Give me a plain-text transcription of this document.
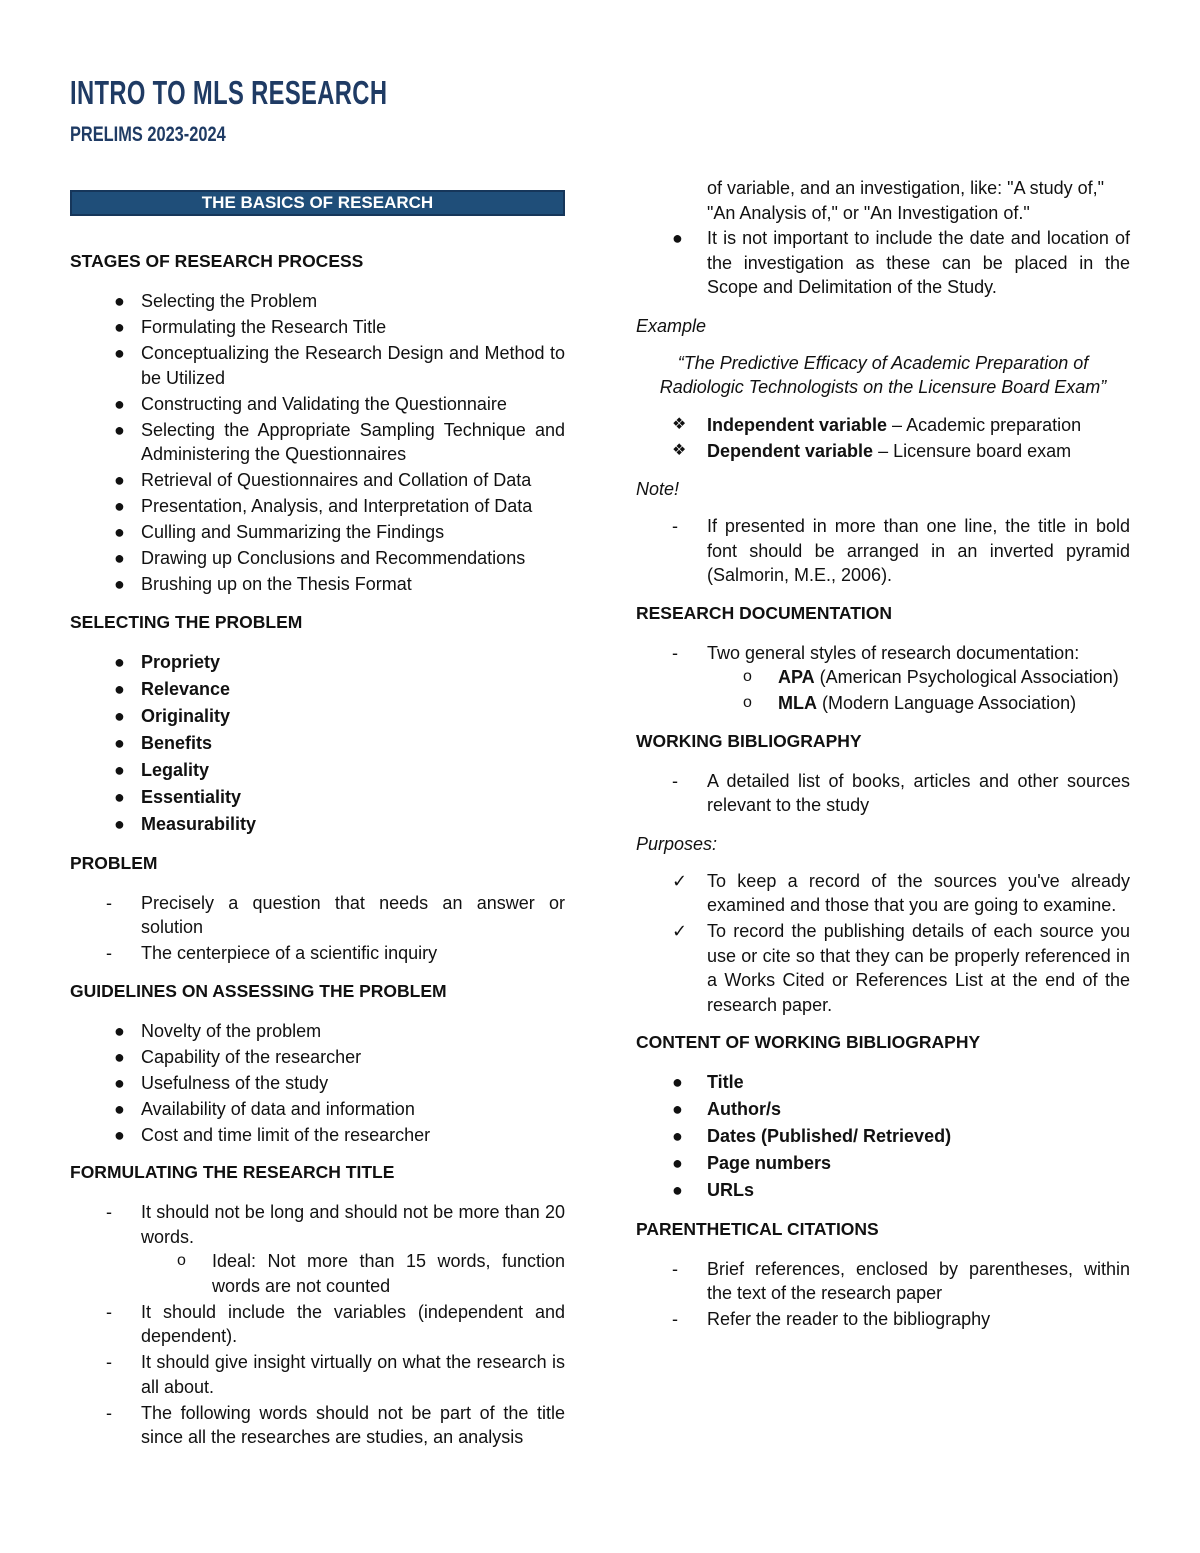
INTRO TO MLS RESEARCH
PRELIMS 2023-2024
THE BASICS OF RESEARCH
STAGES OF RESEARCH PROCESS
● Selecting the Problem
● Formulating the Research Title
● Conceptualizing the Research Design and Method to be Utilized
● Constructing and Validating the Questionnaire
● Selecting the Appropriate Sampling Technique and Administering the Questionnaires
● Retrieval of Questionnaires and Collation of Data
● Presentation, Analysis, and Interpretation of Data
● Culling and Summarizing the Findings
● Drawing up Conclusions and Recommendations
● Brushing up on the Thesis Format
SELECTING THE PROBLEM
● Propriety
● Relevance
● Originality
● Benefits
● Legality
● Essentiality
● Measurability
PROBLEM
-	Precisely a question that needs an answer or solution
-	The centerpiece of a scientific inquiry
GUIDELINES ON ASSESSING THE PROBLEM
● Novelty of the problem
● Capability of the researcher
● Usefulness of the study
● Availability of data and information
● Cost and time limit of the researcher
FORMULATING THE RESEARCH TITLE
-	It should not be long and should not be more than 20 words.
o	Ideal: Not more than 15 words, function words are not counted
-	It should include the variables (independent and dependent).
-	It should give insight virtually on what the research is all about.
-	The following words should not be part of the title since all the researches are studies, an analysis
of variable, and an investigation, like: "A study of," "An Analysis of," or "An Investigation of."
●	It is not important to include the date and location of the investigation as these can be placed in the Scope and Delimitation of the Study.

Example

“The Predictive Efficacy of Academic Preparation of Radiologic Technologists on the Licensure Board Exam”

❖	Independent variable – Academic preparation
❖	Dependent variable – Licensure board exam

Note!

-	If presented in more than one line, the title in bold font should be arranged in an inverted pyramid (Salmorin, M.E., 2006).
RESEARCH DOCUMENTATION
-	Two general styles of research documentation:
o	APA (American Psychological Association)
o	MLA (Modern Language Association)
WORKING BIBLIOGRAPHY
-	A detailed list of books, articles and other sources relevant to the study

Purposes:

✓	To keep a record of the sources you've already examined and those that you are going to examine.
✓	To record the publishing details of each source you use or cite so that they can be properly referenced in a Works Cited or References List at the end of the research paper.
CONTENT OF WORKING BIBLIOGRAPHY
●	Title
●	Author/s
●	Dates (Published/ Retrieved)
●	Page numbers
●	URLs
PARENTHETICAL CITATIONS
-	Brief references, enclosed by parentheses, within the text of the research paper
-	Refer the reader to the bibliography
